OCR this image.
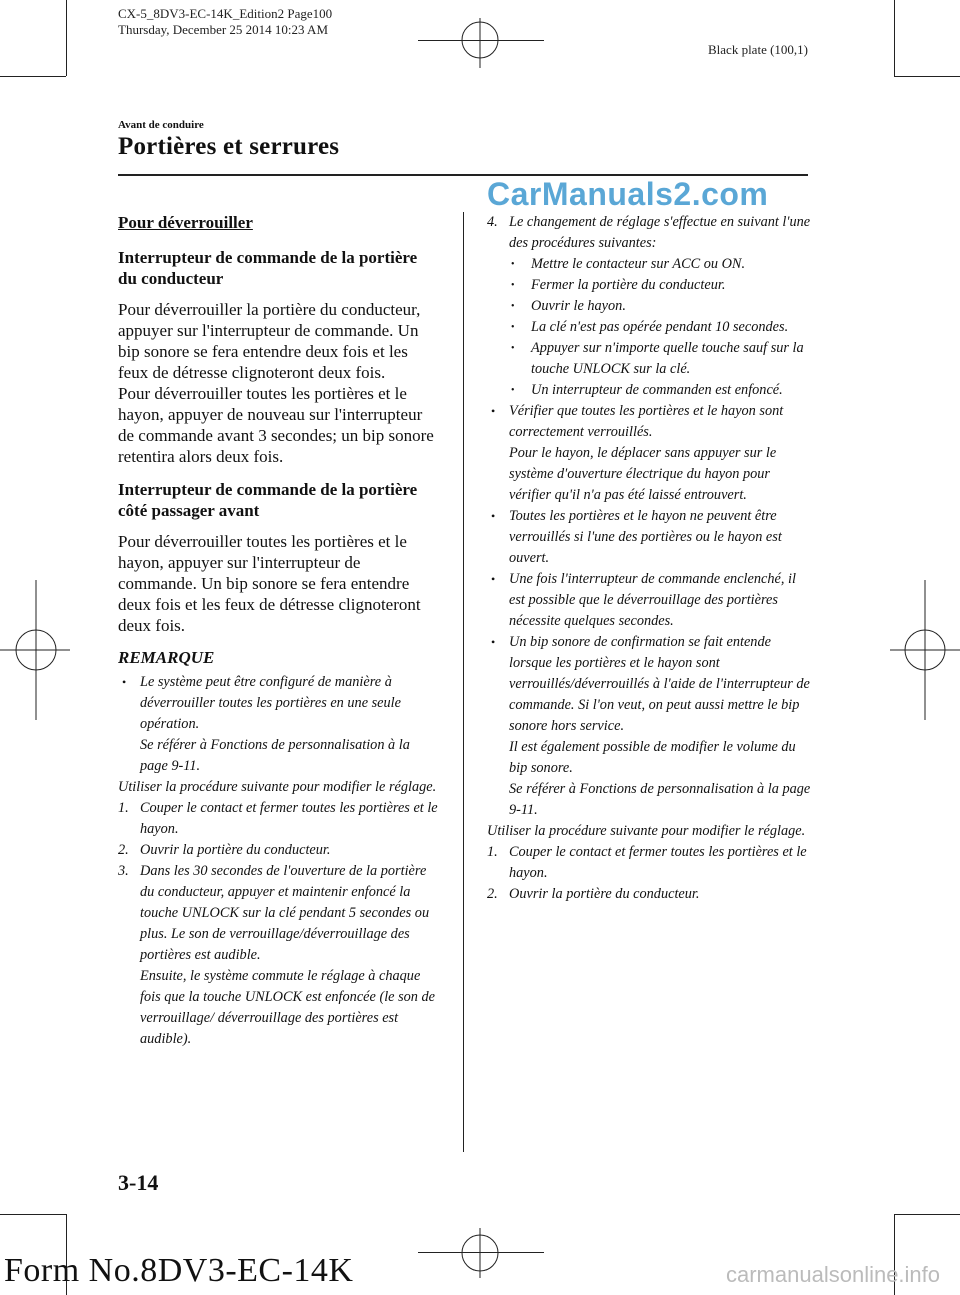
CX-5_8DV3-EC-14K_Edition2 Page100
Thursday, December 25 2014 10:23 AM
Black plate (100,1)
Avant de conduire
Portières et serrures
CarManuals2.com
Pour déverrouiller
Interrupteur de commande de la portière du conducteur
Pour déverrouiller la portière du conducteur, appuyer sur l'interrupteur de commande. Un bip sonore se fera entendre deux fois et les feux de détresse clignoteront deux fois.
Pour déverrouiller toutes les portières et le hayon, appuyer de nouveau sur l'interrupteur de commande avant 3 secondes; un bip sonore retentira alors deux fois.
Interrupteur de commande de la portière côté passager avant
Pour déverrouiller toutes les portières et le hayon, appuyer sur l'interrupteur de commande. Un bip sonore se fera entendre deux fois et les feux de détresse clignoteront deux fois.
REMARQUE
• Le système peut être configuré de manière à déverrouiller toutes les portières en une seule opération.
Se référer à Fonctions de personnalisation à la page 9-11.
Utiliser la procédure suivante pour modifier le réglage.
1. Couper le contact et fermer toutes les portières et le hayon.
2. Ouvrir la portière du conducteur.
3. Dans les 30 secondes de l'ouverture de la portière du conducteur, appuyer et maintenir enfoncé la touche UNLOCK sur la clé pendant 5 secondes ou plus. Le son de verrouillage/déverrouillage des portières est audible.
Ensuite, le système commute le réglage à chaque fois que la touche UNLOCK est enfoncée (le son de verrouillage/ déverrouillage des portières est audible).
4. Le changement de réglage s'effectue en suivant l'une des procédures suivantes:
• Mettre le contacteur sur ACC ou ON.
• Fermer la portière du conducteur.
• Ouvrir le hayon.
• La clé n'est pas opérée pendant 10 secondes.
• Appuyer sur n'importe quelle touche sauf sur la touche UNLOCK sur la clé.
• Un interrupteur de commanden est enfoncé.
• Vérifier que toutes les portières et le hayon sont correctement verrouillés.
Pour le hayon, le déplacer sans appuyer sur le système d'ouverture électrique du hayon pour vérifier qu'il n'a pas été laissé entrouvert.
• Toutes les portières et le hayon ne peuvent être verrouillés si l'une des portières ou le hayon est ouvert.
• Une fois l'interrupteur de commande enclenché, il est possible que le déverrouillage des portières nécessite quelques secondes.
• Un bip sonore de confirmation se fait entende lorsque les portières et le hayon sont verrouillés/déverrouillés à l'aide de l'interrupteur de commande. Si l'on veut, on peut aussi mettre le bip sonore hors service.
Il est également possible de modifier le volume du bip sonore.
Se référer à Fonctions de personnalisation à la page 9-11.
Utiliser la procédure suivante pour modifier le réglage.
1. Couper le contact et fermer toutes les portières et le hayon.
2. Ouvrir la portière du conducteur.
3-14
Form No.8DV3-EC-14K	carmanualsonline.info
